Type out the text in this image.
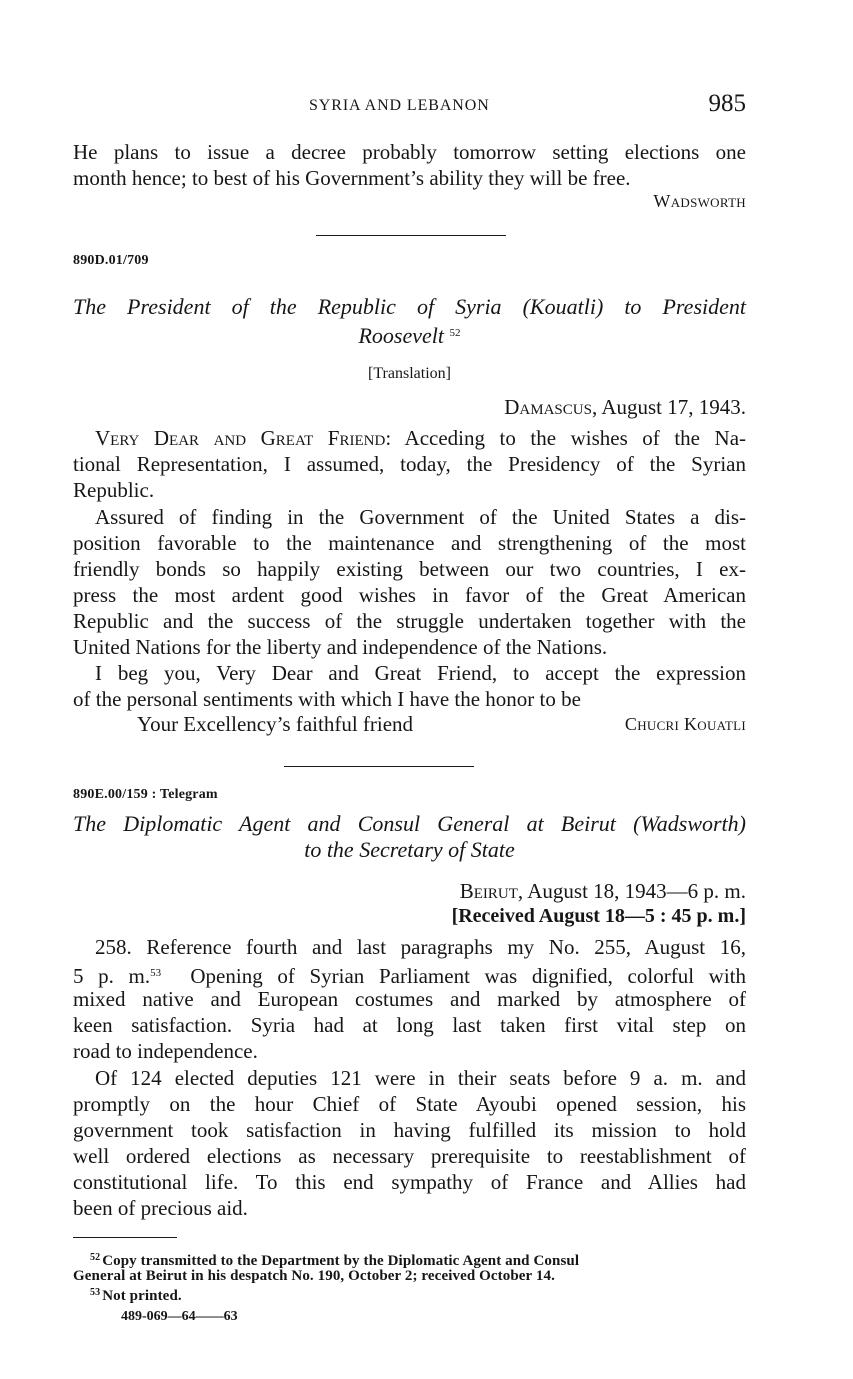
SYRIA AND LEBANON	985
He plans to issue a decree probably tomorrow setting elections one
month hence; to best of his Government’s ability they will be free.
Wadsworth
890D.01/709
The President of the Republic of Syria (Kouatli) to President
Roosevelt $^{52}$
[Translation]
Damascus, August 17, 1943.
Very Dear and Great Friend: Acceding to the wishes of the Na-
tional Representation, I assumed, today, the Presidency of the Syrian
Republic.
Assured of finding in the Government of the United States a dis-
position favorable to the maintenance and strengthening of the most
friendly bonds so happily existing between our two countries, I ex-
press the most ardent good wishes in favor of the Great American
Republic and the success of the struggle undertaken together with the
United Nations for the liberty and independence of the Nations.
I beg you, Very Dear and Great Friend, to accept the expression
of the personal sentiments with which I have the honor to be
Your Excellency’s faithful friend	Chucri Kouatli
890E.00/159 : Telegram
The Diplomatic Agent and Consul General at Beirut (Wadsworth)
to the Secretary of State
Beirut, August 18, 1943—6 p. m.
[Received August 18—5 : 45 p. m.]
258. Reference fourth and last paragraphs my No. 255, August 16,
5 p. m.$^{53}$ Opening of Syrian Parliament was dignified, colorful with
mixed native and European costumes and marked by atmosphere of
keen satisfaction. Syria had at long last taken first vital step on
road to independence.
Of 124 elected deputies 121 were in their seats before 9 a. m. and
promptly on the hour Chief of State Ayoubi opened session, his
government took satisfaction in having fulfilled its mission to hold
well ordered elections as necessary prerequisite to reestablishment of
constitutional life. To this end sympathy of France and Allies had
been of precious aid.
$^{52}$ Copy transmitted to the Department by the Diplomatic Agent and Consul
General at Beirut in his despatch No. 190, October 2; received October 14.
$^{53}$ Not printed.
489-069—64——63
